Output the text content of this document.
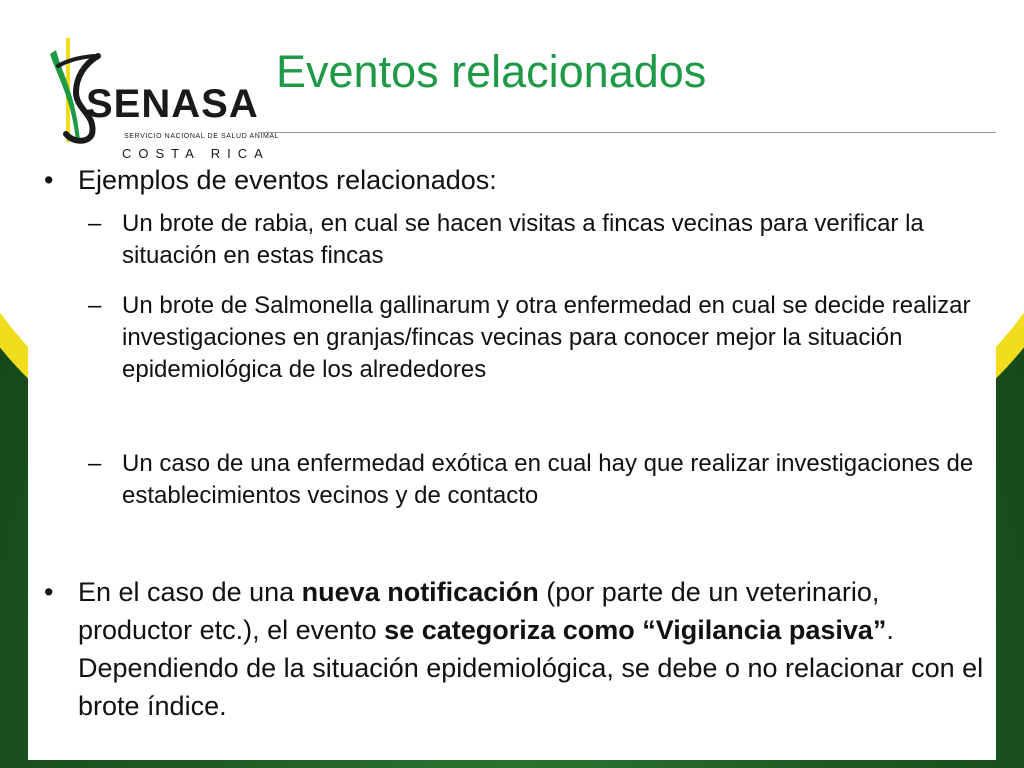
SENASA
SERVICIO NACIONAL DE SALUD ANIMAL
COSTA RICA
Eventos relacionados
• Ejemplos de eventos relacionados:
– Un brote de rabia, en cual se hacen visitas a fincas vecinas para verificar la situación en estas fincas
– Un brote de Salmonella gallinarum y otra enfermedad en cual se decide realizar investigaciones en granjas/fincas vecinas para conocer mejor la situación epidemiológica de los alrededores
– Un caso de una enfermedad exótica en cual hay que realizar investigaciones de establecimientos vecinos y de contacto
• En el caso de una nueva notificación (por parte de un veterinario, productor etc.), el evento se categoriza como “Vigilancia pasiva”. Dependiendo de la situación epidemiológica, se debe o no relacionar con el brote índice.
